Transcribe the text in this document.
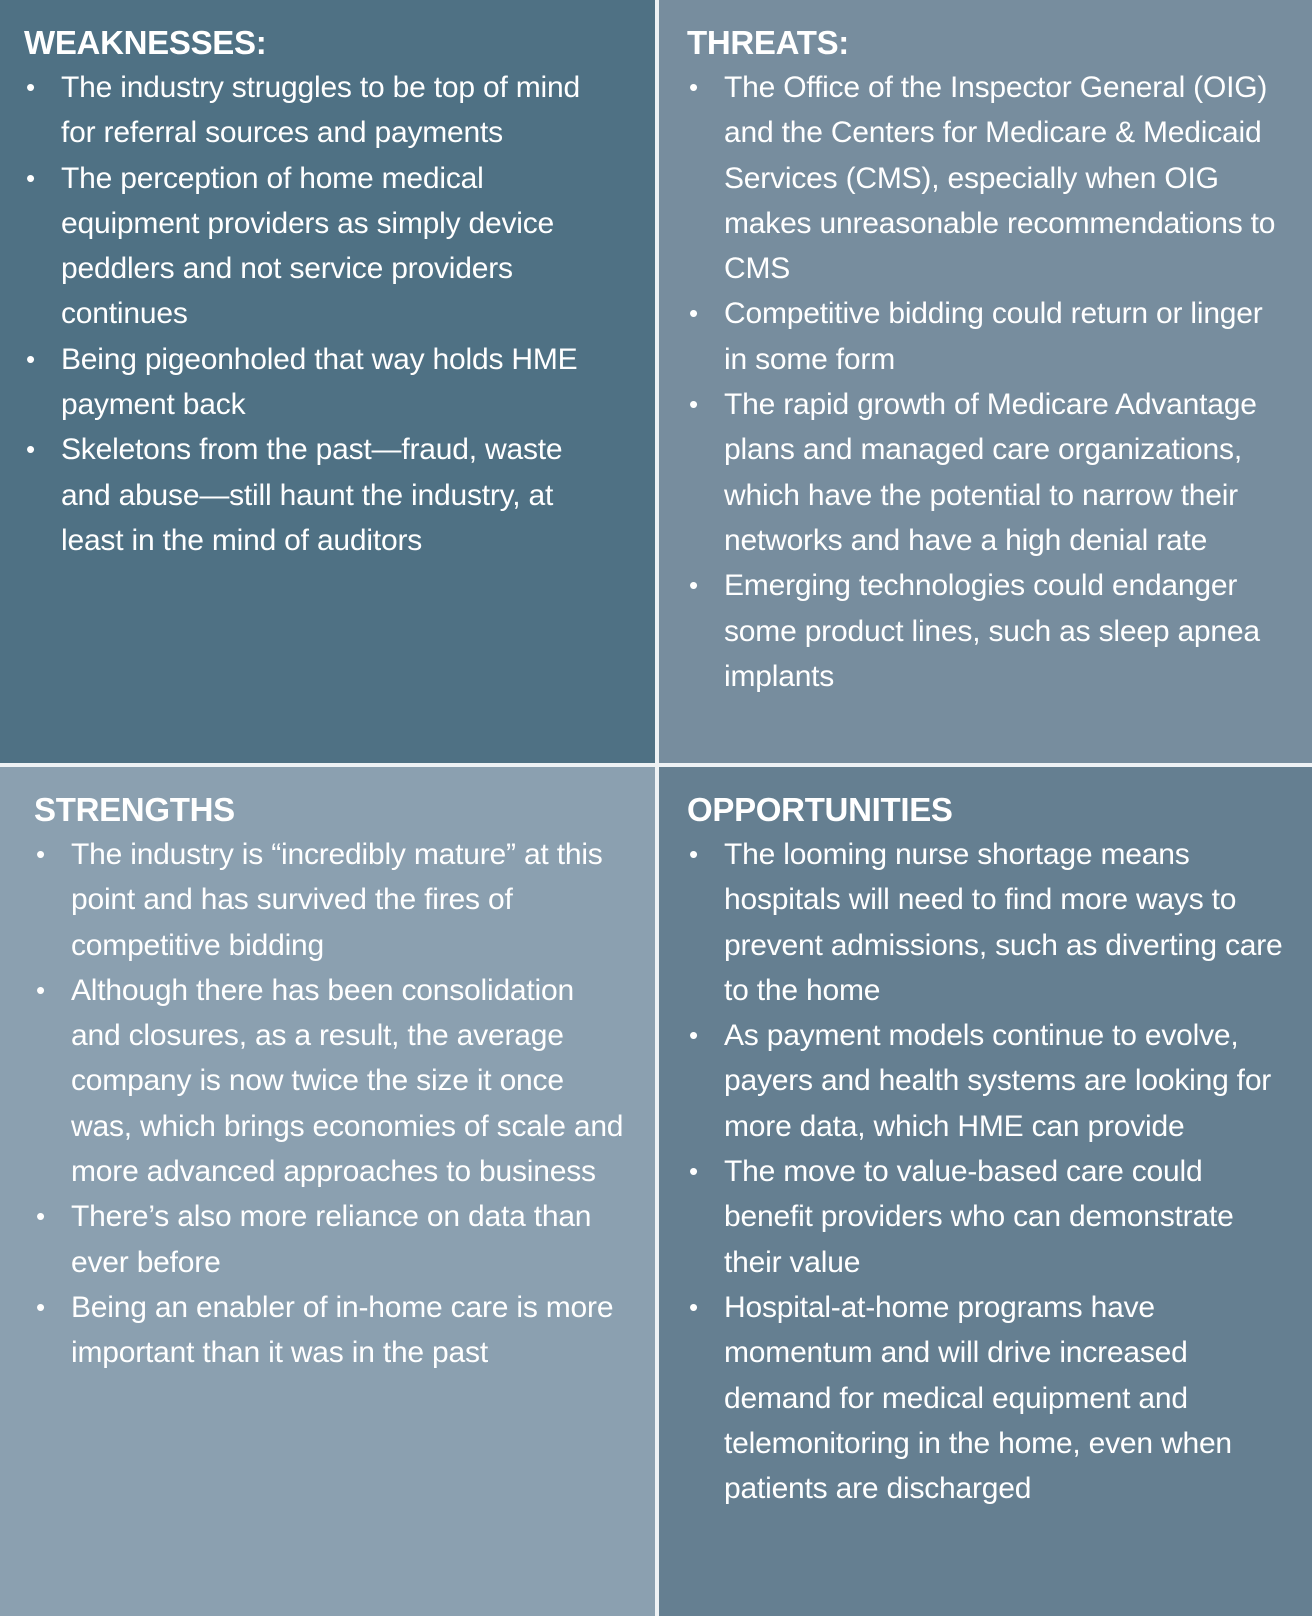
WEAKNESSES:
• The industry struggles to be top of mind for referral sources and payments
• The perception of home medical equipment providers as simply device peddlers and not service providers continues
• Being pigeonholed that way holds HME payment back
• Skeletons from the past—fraud, waste and abuse—still haunt the industry, at least in the mind of auditors
THREATS:
• The Office of the Inspector General (OIG) and the Centers for Medicare & Medicaid Services (CMS), especially when OIG makes unreasonable recommendations to CMS
• Competitive bidding could return or linger in some form
• The rapid growth of Medicare Advantage plans and managed care organizations, which have the potential to narrow their networks and have a high denial rate
• Emerging technologies could endanger some product lines, such as sleep apnea implants
STRENGTHS
• The industry is “incredibly mature” at this point and has survived the fires of competitive bidding
• Although there has been consolidation and closures, as a result, the average company is now twice the size it once was, which brings economies of scale and more advanced approaches to business
• There’s also more reliance on data than ever before
• Being an enabler of in-home care is more important than it was in the past
OPPORTUNITIES
• The looming nurse shortage means hospitals will need to find more ways to prevent admissions, such as diverting care to the home
• As payment models continue to evolve, payers and health systems are looking for more data, which HME can provide
• The move to value-based care could benefit providers who can demonstrate their value
• Hospital-at-home programs have momentum and will drive increased demand for medical equipment and telemonitoring in the home, even when patients are discharged
